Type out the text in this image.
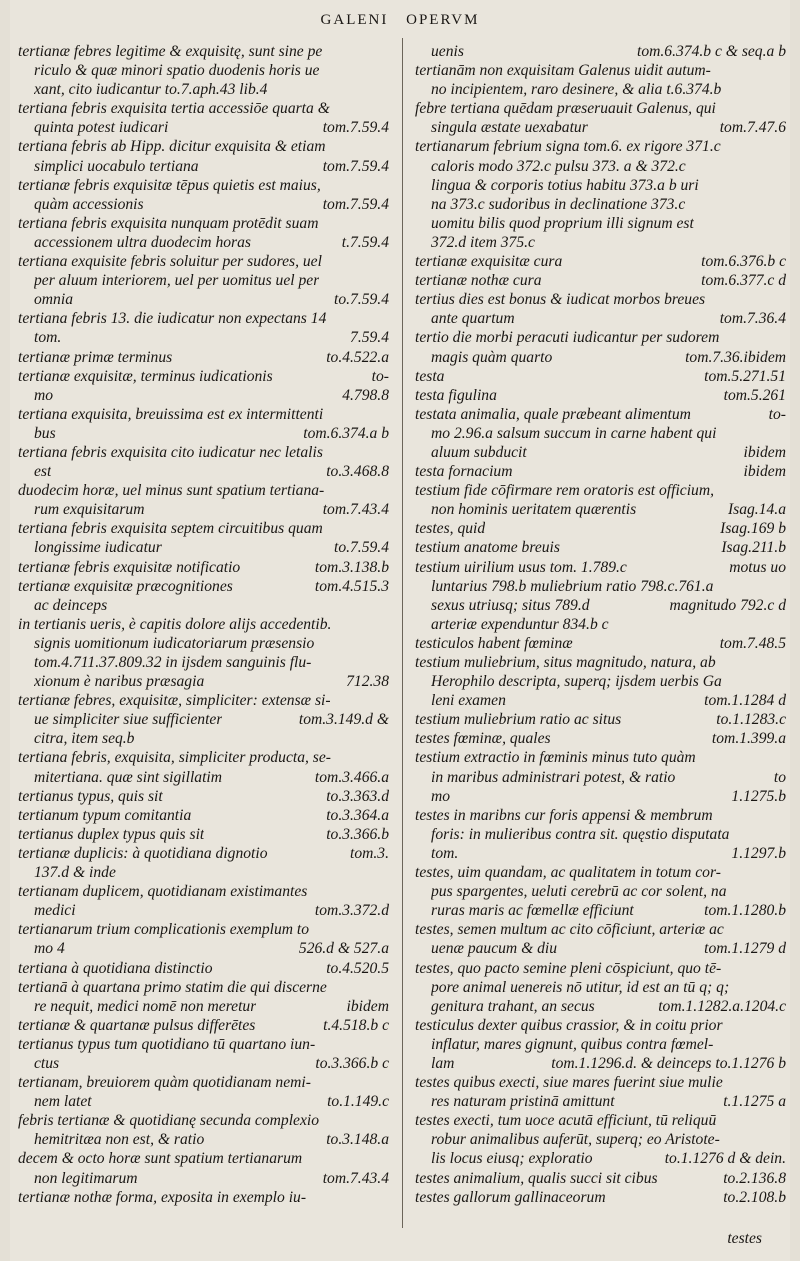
GALENI OPERVM
tertianæ febres legitime & exquisitę, sunt sine pe
riculo & quæ minori spatio duodenis horis ue
xant, cito iudicantur to.7.aph.43 lib.4
tertiana febris exquisita tertia accessiōe quarta &
quinta potest iudicari	tom.7.59.4
tertiana febris ab Hipp. dicitur exquisita & etiam
simplici uocabulo tertiana	tom.7.59.4
tertianæ febris exquisitæ tēpus quietis est maius,
quàm accessionis	tom.7.59.4
tertiana febris exquisita nunquam protēdit suam
accessionem ultra duodecim horas	t.7.59.4
tertiana exquisite febris soluitur per sudores, uel
per aluum interiorem, uel per uomitus uel per
omnia	to.7.59.4
tertiana febris 13. die iudicatur non expectans 14
tom.	7.59.4
tertianæ primæ terminus	to.4.522.a
tertianæ exquisitæ, terminus iudicationis	to-
mo	4.798.8
tertiana exquisita, breuissima est ex intermittenti
bus	tom.6.374.a b
tertiana febris exquisita cito iudicatur nec letalis
est	to.3.468.8
duodecim horæ, uel minus sunt spatium tertiana-
rum exquisitarum	tom.7.43.4
tertiana febris exquisita septem circuitibus quam
longissime iudicatur	to.7.59.4
tertianæ febris exquisitæ notificatio	tom.3.138.b
tertianæ exquisitæ præcognitiones	tom.4.515.3
ac deinceps
in tertianis ueris, è capitis dolore alijs accedentib.
signis uomitionum iudicatoriarum præsensio
tom.4.711.37.809.32 in ijsdem sanguinis flu-
xionum è naribus præsagia	712.38
tertianæ febres, exquisitæ, simpliciter: extensæ si-
ue simpliciter siue sufficienter	tom.3.149.d &
citra, item seq.b
tertiana febris, exquisita, simpliciter producta, se-
mitertiana. quæ sint sigillatim	tom.3.466.a
tertianus typus, quis sit	to.3.363.d
tertianum typum comitantia	to.3.364.a
tertianus duplex typus quis sit	to.3.366.b
tertianæ duplicis: à quotidiana dignotio	tom.3.
137.d & inde
tertianam duplicem, quotidianam existimantes
medici	tom.3.372.d
tertianarum trium complicationis exemplum to
mo 4	526.d & 527.a
tertiana à quotidiana distinctio	to.4.520.5
tertianā à quartana primo statim die qui discerne
re nequit, medici nomē non meretur	ibidem
tertianæ & quartanæ pulsus differētes	t.4.518.b c
tertianus typus tum quotidiano tū quartano iun-
ctus	to.3.366.b c
tertianam, breuiorem quàm quotidianam nemi-
nem latet	to.1.149.c
febris tertianæ & quotidianę secunda complexio
hemitritæa non est, & ratio	to.3.148.a
decem & octo horæ sunt spatium tertianarum
non legitimarum	tom.7.43.4
tertianæ nothæ forma, exposita in exemplo iu-
uenis	tom.6.374.b c & seq.a b
tertianām non exquisitam Galenus uidit autum-
no incipientem, raro desinere, & alia t.6.374.b
febre tertiana quēdam præseruauit Galenus, qui
singula æstate uexabatur	tom.7.47.6
tertianarum febrium signa tom.6. ex rigore 371.c
caloris modo 372.c pulsu 373. a & 372.c
lingua & corporis totius habitu 373.a b uri
na 373.c sudoribus in declinatione 373.c
uomitu bilis quod proprium illi signum est
372.d item 375.c
tertianæ exquisitæ cura	tom.6.376.b c
tertianæ nothæ cura	tom.6.377.c d
tertius dies est bonus & iudicat morbos breues
ante quartum	tom.7.36.4
tertio die morbi peracuti iudicantur per sudorem
magis quàm quarto	tom.7.36.ibidem
testa	tom.5.271.51
testa figulina	tom.5.261
testata animalia, quale præbeant alimentum	to-
mo 2.96.a salsum succum in carne habent qui
aluum subducit	ibidem
testa fornacium	ibidem
testium fide cōfirmare rem oratoris est officium,
non hominis ueritatem quærentis	Isag.14.a
testes, quid	Isag.169 b
testium anatome breuis	Isag.211.b
testium uirilium usus tom. 1.789.c	motus uo
luntarius 798.b muliebrium ratio 798.c.761.a
sexus utriusq; situs 789.d	magnitudo 792.c d
arteriæ expenduntur 834.b c
testiculos habent fœminæ	tom.7.48.5
testium muliebrium, situs magnitudo, natura, ab
Herophilo descripta, superq; ijsdem uerbis Ga
leni examen	tom.1.1284 d
testium muliebrium ratio ac situs	to.1.1283.c
testes fœminæ, quales	tom.1.399.a
testium extractio in fœminis minus tuto quàm
in maribus administrari potest, & ratio	to
mo	1.1275.b
testes in maribns cur foris appensi & membrum
foris: in mulieribus contra sit. quęstio disputata
tom.	1.1297.b
testes, uim quandam, ac qualitatem in totum cor-
pus spargentes, ueluti cerebrū ac cor solent, na
ruras maris ac fœmellæ efficiunt	tom.1.1280.b
testes, semen multum ac cito cōficiunt, arteriæ ac
uenæ paucum & diu	tom.1.1279 d
testes, quo pacto semine pleni cōspiciunt, quo tē-
pore animal uenereis nō utitur, id est an tū q; q;
genitura trahant, an secus	tom.1.1282.a.1204.c
testiculus dexter quibus crassior, & in coitu prior
inflatur, mares gignunt, quibus contra fœmel-
lam	tom.1.1296.d. & deinceps to.1.1276 b
testes quibus execti, siue mares fuerint siue mulie
res naturam pristinā amittunt	t.1.1275 a
testes execti, tum uoce acutā efficiunt, tū reliquū
robur animalibus auferūt, superq; eo Aristote-
lis locus eiusq; exploratio	to.1.1276 d & dein.
testes animalium, qualis succi sit cibus	to.2.136.8
testes gallorum gallinaceorum	to.2.108.b
testes
